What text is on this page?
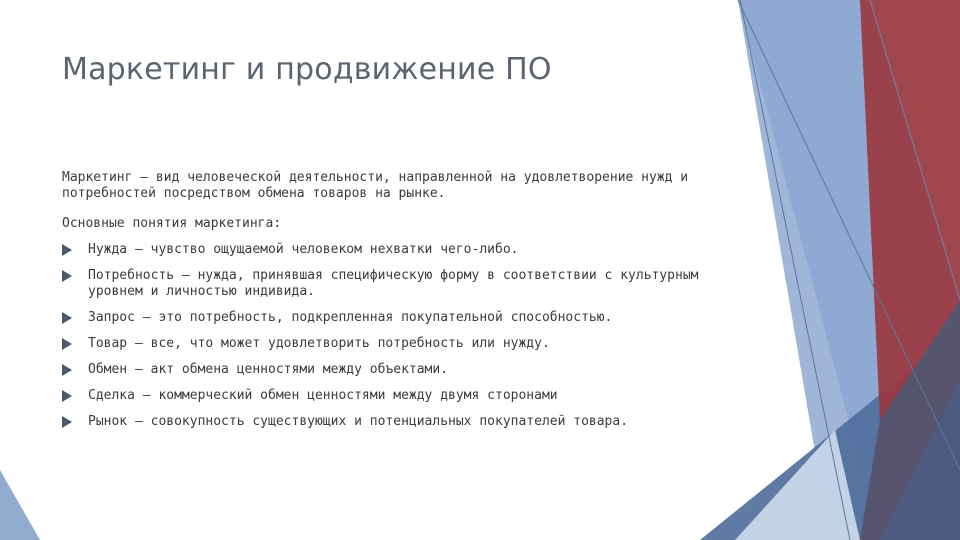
Маркетинг и продвижение ПО

Маркетинг – вид человеческой деятельности, направленной на удовлетворение нужд и потребностей посредством обмена товаров на рынке.

Основные понятия маркетинга:

Нужда – чувство ощущаемой человеком нехватки чего-либо.
Потребность – нужда, принявшая специфическую форму в соответствии с культурным уровнем и личностью индивида.
Запрос – это потребность, подкрепленная покупательной способностью.
Товар – все, что может удовлетворить потребность или нужду.
Обмен – акт обмена ценностями между объектами.
Сделка – коммерческий обмен ценностями между двумя сторонами
Рынок – совокупность существующих и потенциальных покупателей товара.
